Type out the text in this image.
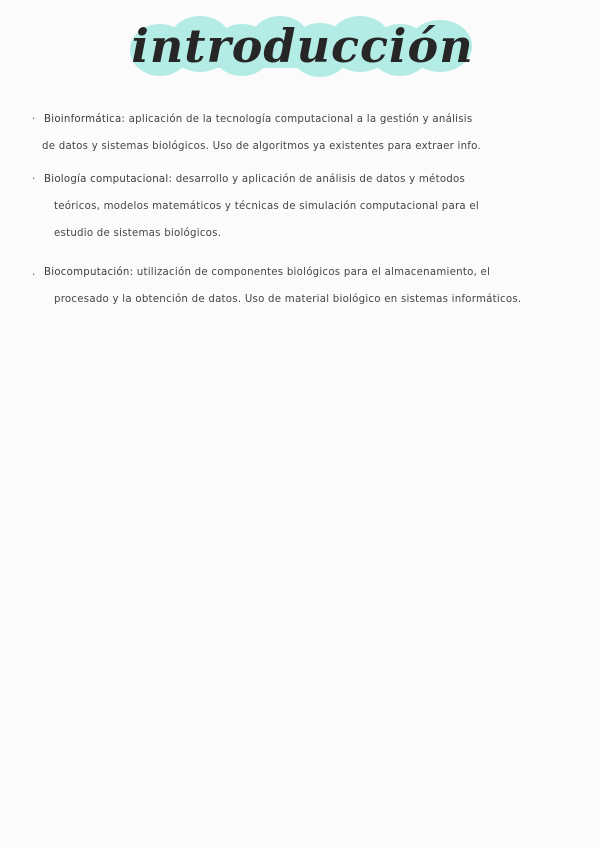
introducción
· Bioinformática: aplicación de la tecnología computacional a la gestión y análisis
de datos y sistemas biológicos. Uso de algoritmos ya existentes para extraer info.
· Biología computacional: desarrollo y aplicación de análisis de datos y métodos
teóricos, modelos matemáticos y técnicas de simulación computacional para el
estudio de sistemas biológicos.
. Biocomputación: utilización de componentes biológicos para el almacenamiento, el
procesado y la obtención de datos. Uso de material biológico en sistemas informáticos.
